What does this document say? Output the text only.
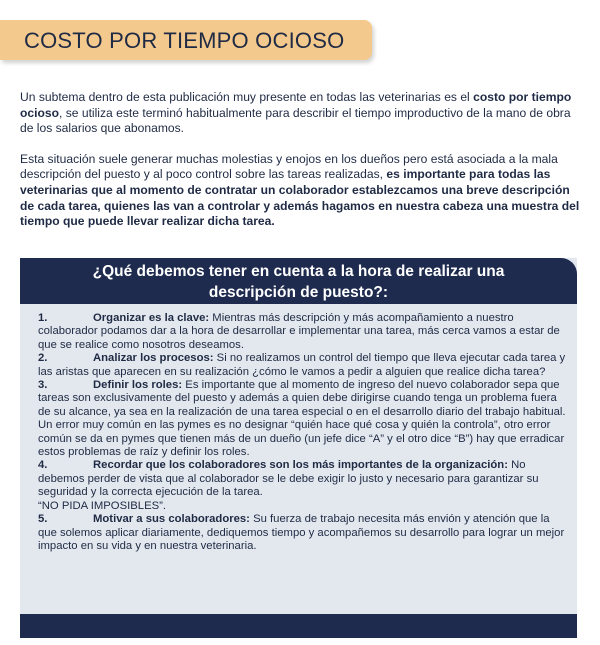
COSTO POR TIEMPO OCIOSO

Un subtema dentro de esta publicación muy presente en todas las veterinarias es el costo por tiempo ocioso, se utiliza este terminó habitualmente para describir el tiempo improductivo de la mano de obra de los salarios que abonamos.

Esta situación suele generar muchas molestias y enojos en los dueños pero está asociada a la mala descripción del puesto y al poco control sobre las tareas realizadas, es importante para todas las veterinarias que al momento de contratar un colaborador establezcamos una breve descripción de cada tarea, quienes las van a controlar y además hagamos en nuestra cabeza una muestra del tiempo que puede llevar realizar dicha tarea.

¿Qué debemos tener en cuenta a la hora de realizar una
descripción de puesto?:

1.	Organizar es la clave: Mientras más descripción y más acompañamiento a nuestro colaborador podamos dar a la hora de desarrollar e implementar una tarea, más cerca vamos a estar de que se realice como nosotros deseamos.

2.	Analizar los procesos: Si no realizamos un control del tiempo que lleva ejecutar cada tarea y las aristas que aparecen en su realización ¿cómo le vamos a pedir a alguien que realice dicha tarea?

3.	Definir los roles: Es importante que al momento de ingreso del nuevo colaborador sepa que tareas son exclusivamente del puesto y además a quien debe dirigirse cuando tenga un problema fuera de su alcance, ya sea en la realización de una tarea especial o en el desarrollo diario del trabajo habitual. Un error muy común en las pymes es no designar “quién hace qué cosa y quién la controla”, otro error común se da en pymes que tienen más de un dueño (un jefe dice “A” y el otro dice “B”) hay que erradicar estos problemas de raíz y definir los roles.

4.	Recordar que los colaboradores son los más importantes de la organización: No debemos perder de vista que al colaborador se le debe exigir lo justo y necesario para garantizar su seguridad y la correcta ejecución de la tarea.
“NO PIDA IMPOSIBLES”.

5.	Motivar a sus colaboradores: Su fuerza de trabajo necesita más envión y atención que la que solemos aplicar diariamente, dediquemos tiempo y acompañemos su desarrollo para lograr un mejor impacto en su vida y en nuestra veterinaria.
